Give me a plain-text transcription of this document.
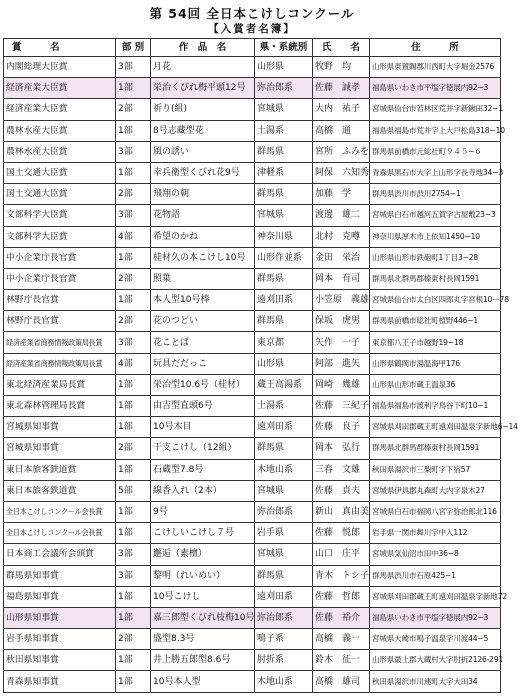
第 54回 全日本こけしコンクール
【入賞者名簿】
賞　　　名	部 別	作　品　名	県・系統別	氏　　名	住　　　所
内閣総理大臣賞	3部	月花	山形県	牧野　均	山形県東置賜郡川西町大字堀金2576
経済産業大臣賞	1部	栄治くびれ梅平頭12号	弥治郎系	佐藤　誠孝	福島県いわき市平塩字徳展内92−3
経済産業大臣賞	2部	祈り(組)	宮城県	大内　祐子	宮城県仙台市若林区荒井字新鍬田32−1
農林水産大臣賞	1部	8号志藏型花	土湯系	高橋　通	福島県福島市荒井字上大戸松島318−10
農林水産大臣賞	3部	風の誘い	群馬県	宮所　ふみを	群馬県前橋市元総社町９４５−６
国土交通大臣賞	1部	幸兵衛型くびれ花9号	津軽系	阿保　六知秀	青森県黒石市大字上山形字長寺地34−3
国土交通大臣賞	2部	飛翔の朝	群馬県	加藤　学	群馬県渋川市渋川2754−1
文部科学大臣賞	3部	花物語	宮城県	渡邊　雄二	宮城県白石市越河五賀字古屋敷23−3
文部科学大臣賞	4部	希望のかね	神奈川県	北村　克噂	神奈川県厚木市上依知1450−10
中小企業庁長官賞	1部	桂材久の本こけし10号	山形作並系	金田　栄治	山形県山形市鉄砲町1丁目3−28
中小企業庁長官賞	2部	照葉	群馬県	岡本　有司	群馬県北群馬郡榛東村長岡1591
林野庁長官賞	1部	本人型10号棒	遠刈田系	小笠原　義雄	宮城県仙台市太白区四郎丸字宮根10ー78
林野庁長官賞	2部	花のつどい	群馬県	保坂　虎男	群馬県前橋市総社町植野446−1
経済産業省商務情報政策局長賞	3部	花ことば	東京都	矢作　一子	東京都八王子市越野19−18
経済産業省商務情報政策局長賞	4部	玩具だだっこ	山形県	阿部　進矢	山形県鶴岡市湯温海甲176
東北経済産業局長賞	1部	栄治型10.6号（桂材）	蔵王高湯系	岡崎　幾雄	山形県山形市蔵王温泉36
東北森林管理局長賞	1部	由吉型直頭6号	土湯系	佐藤　三紀子	福島県福島市渡利字鳥谷下町10−1
宮城県知事賞	1部	10号木目	遠刈田系	佐藤　良子	宮城県刈田郡蔵王町遠刈田温泉字新地6−14
宮城県知事賞	2部	干支こけし（12組）	群馬県	岡本　弘行	群馬県北群馬郡榛東村長岡1591
東日本旅客鉄道賞	1部	石蔵型7.8号	木地山系	三春　文雄	秋田県湯沢市三梨町字下宿57
東日本旅客鉄道賞	5部	線香入れ（2本）	宮城県	佐藤　貞夫	宮城県伊具郡丸森町大内字泉木27
全日本こけしコンクール会長賞	1部	9号	弥治郎系	新山　真由美	宮城県白石市福岡八宮字弥治郎北116
全日本こけしコンクール会長賞	1部	こけしいこけし７号	岩手県	佐藤　悦郎	岩手県一関市舞川字中入112
日本商工会議所会頭賞	3部	邂逅（素檀）	宮城県	山口　庄平	宮城県気仙沼市田中36−8
群馬県知事賞	3部	黎明（れいめい）	群馬県	青木　トシ子	群馬県渋川市石原425−1
福島県知事賞	1部	10号こけし	遠刈田系	佐藤　哲郎	宮城県刈田郡蔵王町遠刈田温泉字新地72
山形県知事賞	1部	嘉三郎型くびれ枝梅10号	弥治郎系	佐藤　裕介	福島県いわき市平塩字徳展内92−3
岩手県知事賞	2部	盛型8.3号	鳴子系	高橋　義一	宮城県大崎市鳴子温泉字川渡44−5
秋田県知事賞	1部	井上勝五郎型8.6号	肘折系	鈴木　征一	山形県最上郡大蔵村大字肘折2126-291
青森県知事賞	1部	10号本人型	木地山系	高橋　雄司	秋田県湯沢市川連町大字大田34
